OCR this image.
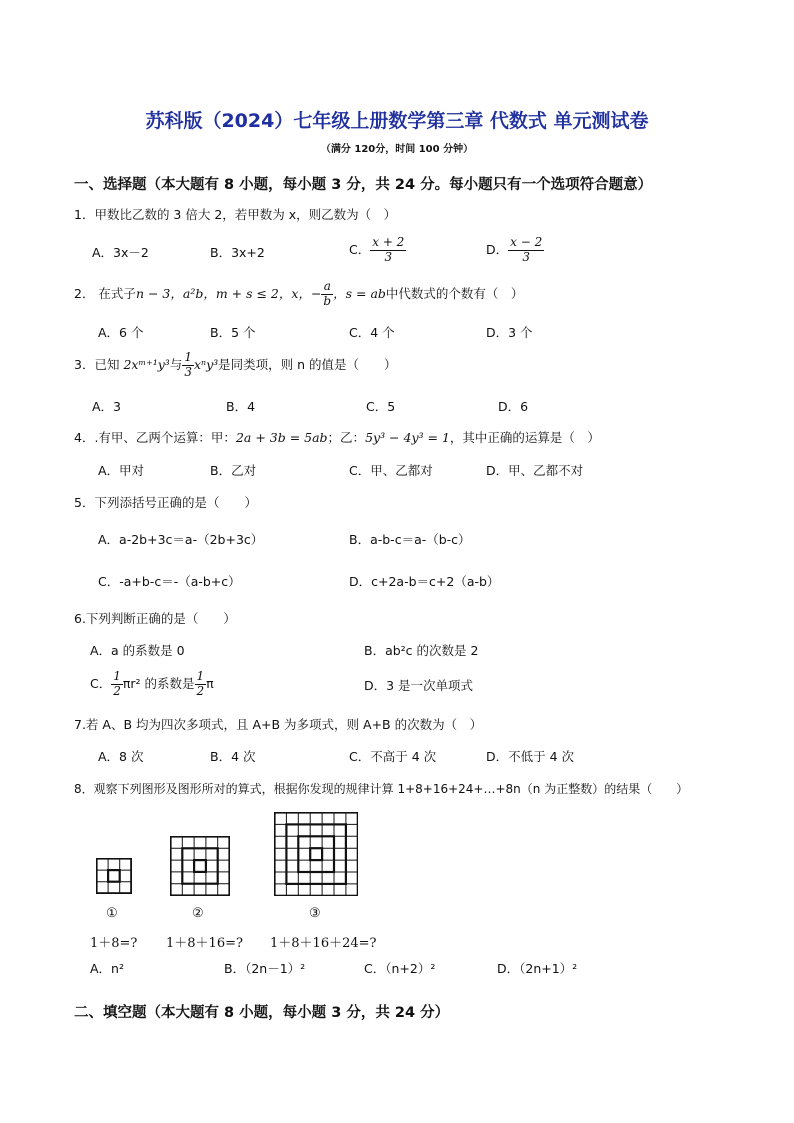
苏科版（2024）七年级上册数学第三章 代数式 单元测试卷
（满分 120分，时间 100 分钟）
一、选择题（本大题有 8 小题，每小题 3 分，共 24 分。每小题只有一个选项符合题意）
1．甲数比乙数的 3 倍大 2，若甲数为 x，则乙数为（　）
A．3x－2	B．3x+2	C． $\frac{x + 2}{3}$	D． $\frac{x - 2}{3}$
2． 在式子n − 3，a²b，m + s ≤ 2，x，− $\frac{a}{b}$ ，s = ab中代数式的个数有（　）
A．6 个	B．5 个	C．4 个	D．3 个
3．已知 2xᵐ⁺¹y³与 $\frac{1}{3} x^ny^3$是同类项，则 n 的值是（　　）
A．3	B．4	C．5	D．6
4．.有甲、乙两个运算：甲：2a + 3b = 5ab；乙：5y³ − 4y³ = 1，其中正确的运算是（　）
A．甲对	B．乙对	C．甲、乙都对	D．甲、乙都不对
5．下列添括号正确的是（　　）
A．a-2b+3c＝a-（2b+3c）	B．a-b-c＝a-（b-c）
C．-a+b-c＝-（a-b+c）	D．c+2a-b＝c+2（a-b）
6.下列判断正确的是（　　）
A．a 的系数是 0	B．ab²c 的次数是 2
C． $\frac{1}{2} \pi r^2$ 的系数是 $\frac{1}{2}$ π	D．3 是一次单项式
7.若 A、B 均为四次多项式，且 A+B 为多项式，则 A+B 的次数为（　）
A．8 次	B．4 次	C．不高于 4 次	D．不低于 4 次
8．观察下列图形及图形所对的算式，根据你发现的规律计算 1+8+16+24+…+8n（n 为正整数）的结果（　　）
①	②	③
1＋8=? 1＋8＋16=? 1＋8＋16＋24=?
A．n²	B．（2n－1）²	C．（n+2）²	D．（2n+1）²
二、填空题（本大题有 8 小题，每小题 3 分，共 24 分）
